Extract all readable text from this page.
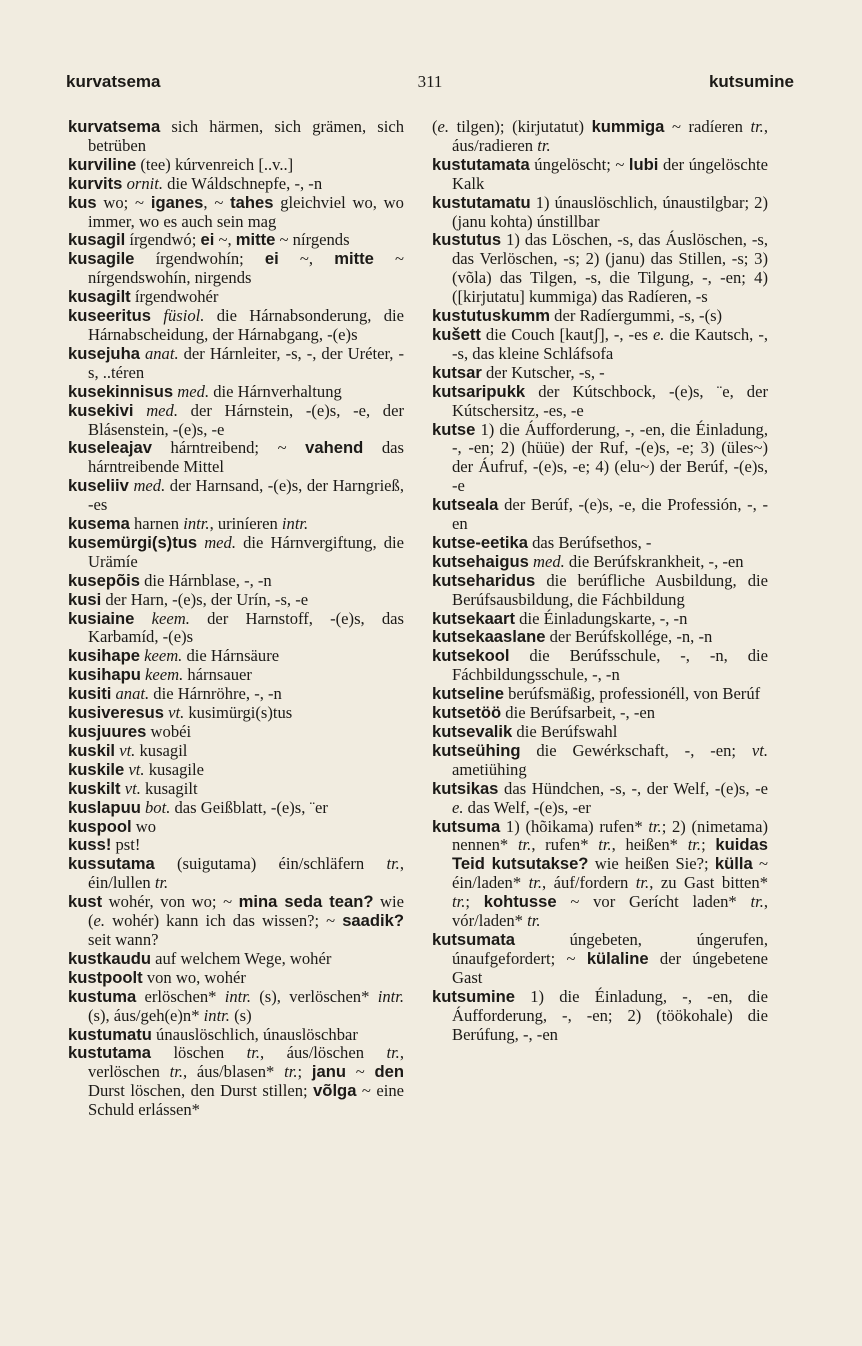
kurvatsema	311	kutsumine

kurvatsema sich härmen, sich grämen, sich betrüben

kurviline (tee) kúrvenreich [..v..]

kurvits ornit. die Wáldschnepfe, -, -n

kus wo; ~ iganes, ~ tahes gleichviel wo, wo immer, wo es auch sein mag

kusagil írgendwó; ei ~, mitte ~ nírgends

kusagile írgendwohín; ei ~, mitte ~ nírgendswohín, nirgends

kusagilt írgendwohér

kuseeritus füsiol. die Hárnabsonderung, die Hárnabscheidung, der Hárnabgang, -(e)s

kusejuha anat. der Hárnleiter, -s, -, der Uréter, -s, ..téren

kusekinnisus med. die Hárnverhaltung

kusekivi med. der Hárnstein, -(e)s, -e, der Blásenstein, -(e)s, -e

kuseleajav hárntreibend; ~ vahend das hárntreibende Mittel

kuseliiv med. der Harnsand, -(e)s, der Harngrieß, -es

kusema harnen intr., uriníeren intr.

kusemürgi(s)tus med. die Hárnvergiftung, die Urämíe

kusepõis die Hárnblase, -, -n

kusi der Harn, -(e)s, der Urín, -s, -e

kusiaine keem. der Harnstoff, -(e)s, das Karbamíd, -(e)s

kusihape keem. die Hárnsäure

kusihapu keem. hárnsauer

kusiti anat. die Hárnröhre, -, -n

kusiveresus vt. kusimürgi(s)tus

kusjuures wobéi

kuskil vt. kusagil

kuskile vt. kusagile

kuskilt vt. kusagilt

kuslapuu bot. das Geißblatt, -(e)s, ¨er

kuspool wo

kuss! pst!

kussutama (suigutama) éin/schläfern tr., éin/lullen tr.

kust wohér, von wo; ~ mina seda tean? wie (e. wohér) kann ich das wissen?; ~ saadik? seit wann?

kustkaudu auf welchem Wege, wohér

kustpoolt von wo, wohér

kustuma erlöschen* intr. (s), verlöschen* intr. (s), áus/geh(e)n* intr. (s)

kustumatu únauslöschlich, únauslöschbar

kustutama löschen tr., áus/löschen tr., verlöschen tr., áus/blasen* tr.; janu ~ den Durst löschen, den Durst stillen; võlga ~ eine Schuld erlássen*

(e. tilgen); (kirjutatut) kummiga ~ radíeren tr., áus/radieren tr.

kustutamata úngelöscht; ~ lubi der úngelöschte Kalk

kustutamatu 1) únauslöschlich, únaustilgbar; 2) (janu kohta) únstillbar

kustutus 1) das Löschen, -s, das Áuslöschen, -s, das Verlöschen, -s; 2) (janu) das Stillen, -s; 3) (võla) das Tilgen, -s, die Tilgung, -, -en; 4) ([kirjutatu] kummiga) das Radíeren, -s

kustutuskumm der Radíergummi, -s, -(s)

kušett die Couch [kautʃ], -, -es e. die Kautsch, -, -s, das kleine Schláfsofa

kutsar der Kutscher, -s, -

kutsaripukk der Kútschbock, -(e)s, ¨e, der Kútschersitz, -es, -e

kutse 1) die Áufforderung, -, -en, die Éinladung, -, -en; 2) (hüüe) der Ruf, -(e)s, -e; 3) (üles~) der Áufruf, -(e)s, -e; 4) (elu~) der Berúf, -(e)s, -e

kutseala der Berúf, -(e)s, -e, die Professión, -, -en

kutse-eetika das Berúfsethos, -

kutsehaigus med. die Berúfskrankheit, -, -en

kutseharidus die berúfliche Ausbildung, die Berúfsausbildung, die Fáchbildung

kutsekaart die Éinladungskarte, -, -n

kutsekaaslane der Berúfskollége, -n, -n

kutsekool die Berúfsschule, -, -n, die Fáchbildungsschule, -, -n

kutseline berúfsmäßig, professionéll, von Berúf

kutsetöö die Berúfsarbeit, -, -en

kutsevalik die Berúfswahl

kutseühing die Gewérkschaft, -, -en; vt. ametiühing

kutsikas das Hündchen, -s, -, der Welf, -(e)s, -e e. das Welf, -(e)s, -er

kutsuma 1) (hõikama) rufen* tr.; 2) (nimetama) nennen* tr., rufen* tr., heißen* tr.; kuidas Teid kutsutakse? wie heißen Sie?; külla ~ éin/laden* tr., áuf/fordern tr., zu Gast bitten* tr.; kohtusse ~ vor Gerícht laden* tr., vór/laden* tr.

kutsumata úngebeten, úngerufen, únaufgefordert; ~ külaline der úngebetene Gast

kutsumine 1) die Éinladung, -, -en, die Áufforderung, -, -en; 2) (töökohale) die Berúfung, -, -en
